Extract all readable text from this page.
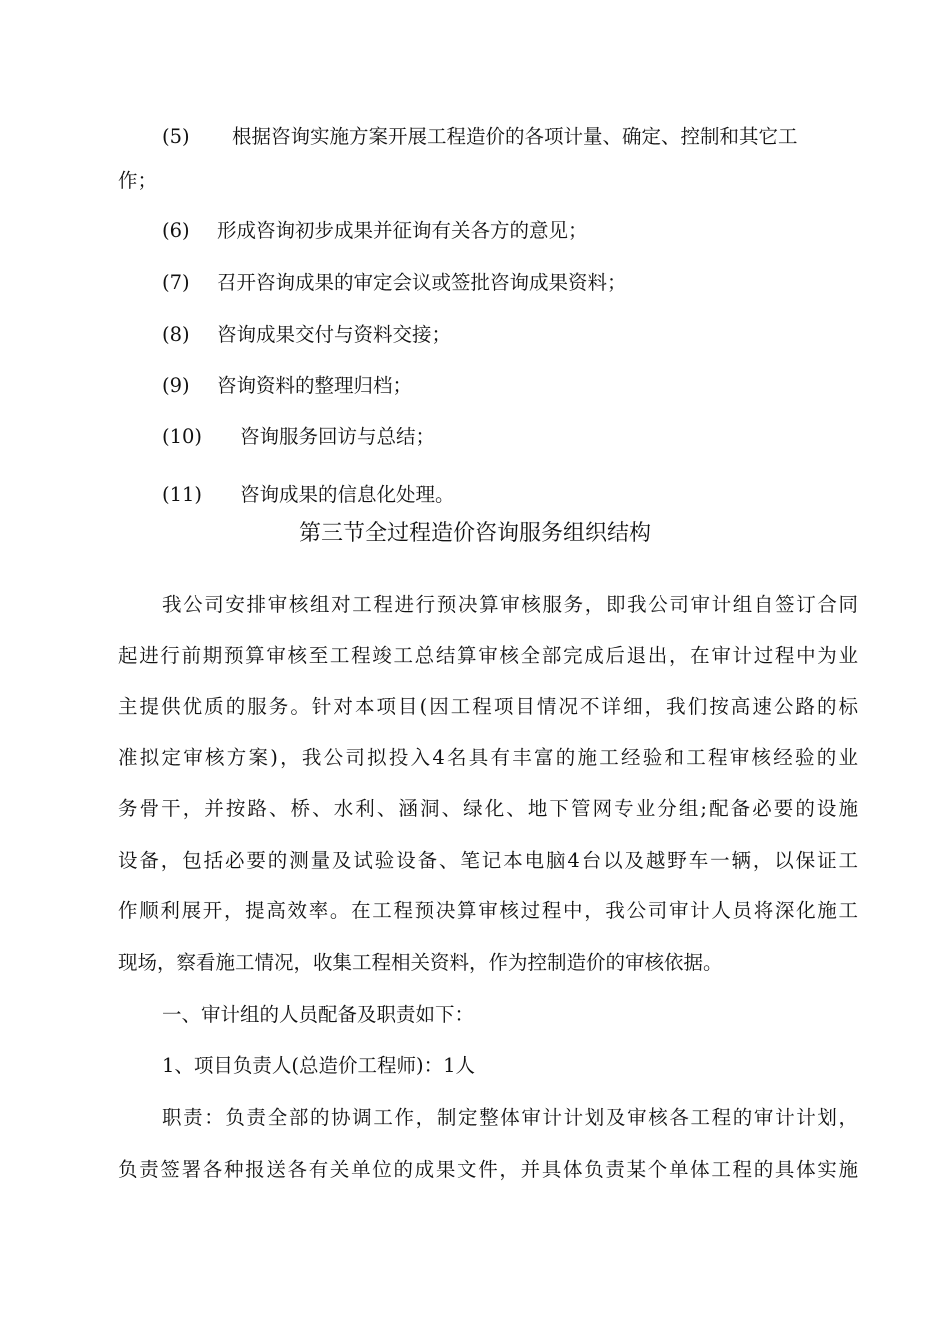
(5) 根据咨询实施方案开展工程造价的各项计量、确定、控制和其它工
作；
(6) 形成咨询初步成果并征询有关各方的意见；
(7) 召开咨询成果的审定会议或签批咨询成果资料；
(8) 咨询成果交付与资料交接；
(9) 咨询资料的整理归档；
(10) 咨询服务回访与总结；
(11) 咨询成果的信息化处理。
第三节全过程造价咨询服务组织结构
我公司安排审核组对工程进行预决算审核服务，即我公司审计组自签订合同
起进行前期预算审核至工程竣工总结算审核全部完成后退出，在审计过程中为业
主提供优质的服务。针对本项目(因工程项目情况不详细，我们按高速公路的标
准拟定审核方案)，我公司拟投入4名具有丰富的施工经验和工程审核经验的业
务骨干，并按路、桥、水利、涵洞、绿化、地下管网专业分组;配备必要的设施
设备，包括必要的测量及试验设备、笔记本电脑4台以及越野车一辆，以保证工
作顺利展开，提高效率。在工程预决算审核过程中，我公司审计人员将深化施工
现场，察看施工情况，收集工程相关资料，作为控制造价的审核依据。
一、审计组的人员配备及职责如下：
1、项目负责人(总造价工程师)：1人
职责：负责全部的协调工作，制定整体审计计划及审核各工程的审计计划，
负责签署各种报送各有关单位的成果文件，并具体负责某个单体工程的具体实施
